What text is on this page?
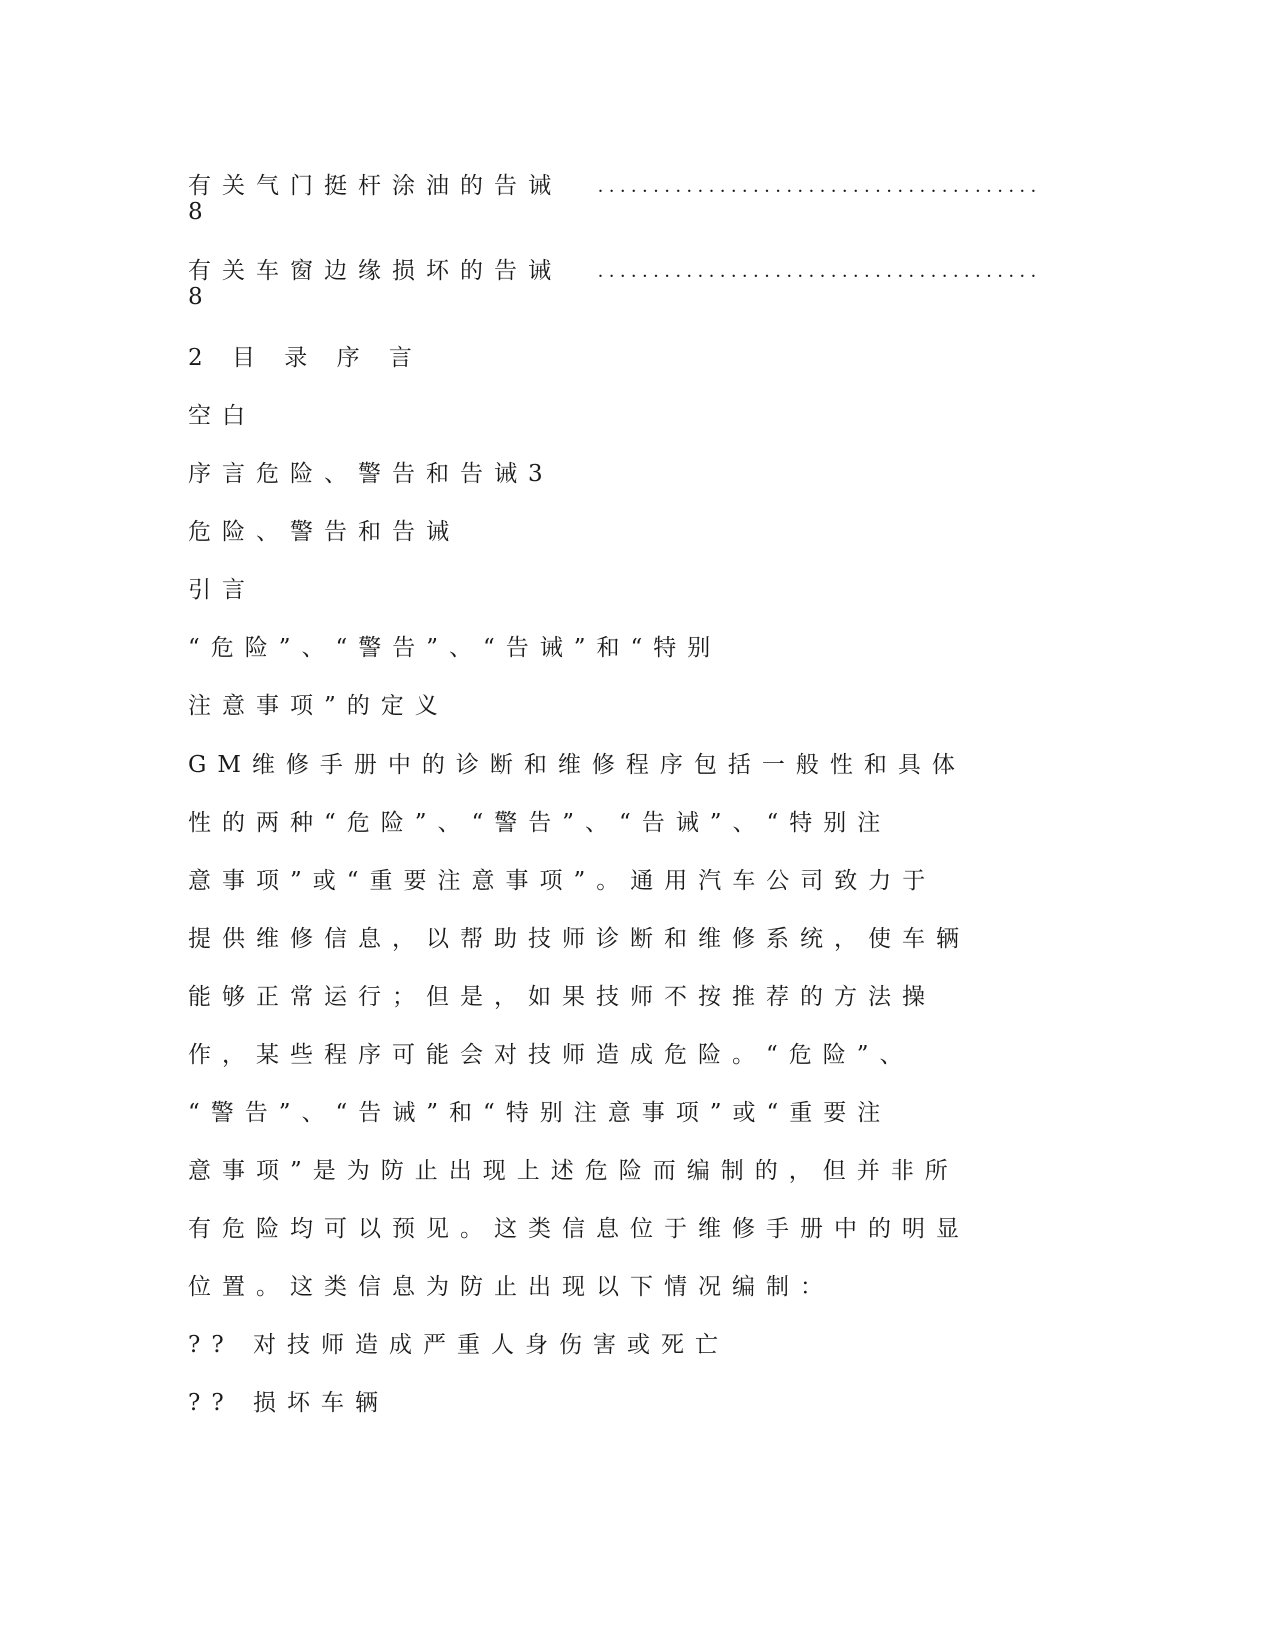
有关气门挺杆涂油的告诫 ........................................
8
有关车窗边缘损坏的告诫 ........................................
8
2 目 录 序 言
空白
序言危险、警告和告诫3
危险、警告和告诫
引言
“危险”、“警告”、“告诫”和“特别
注意事项”的定义
GM维修手册中的诊断和维修程序包括一般性和具体
性的两种“危险”、“警告”、“告诫”、“特别注
意事项”或“重要注意事项”。通用汽车公司致力于
提供维修信息，以帮助技师诊断和维修系统，使车辆
能够正常运行；但是，如果技师不按推荐的方法操
作，某些程序可能会对技师造成危险。“危险”、
“警告”、“告诫”和“特别注意事项”或“重要注
意事项”是为防止出现上述危险而编制的，但并非所
有危险均可以预见。这类信息位于维修手册中的明显
位置。这类信息为防止出现以下情况编制：
?? 对技师造成严重人身伤害或死亡
?? 损坏车辆
